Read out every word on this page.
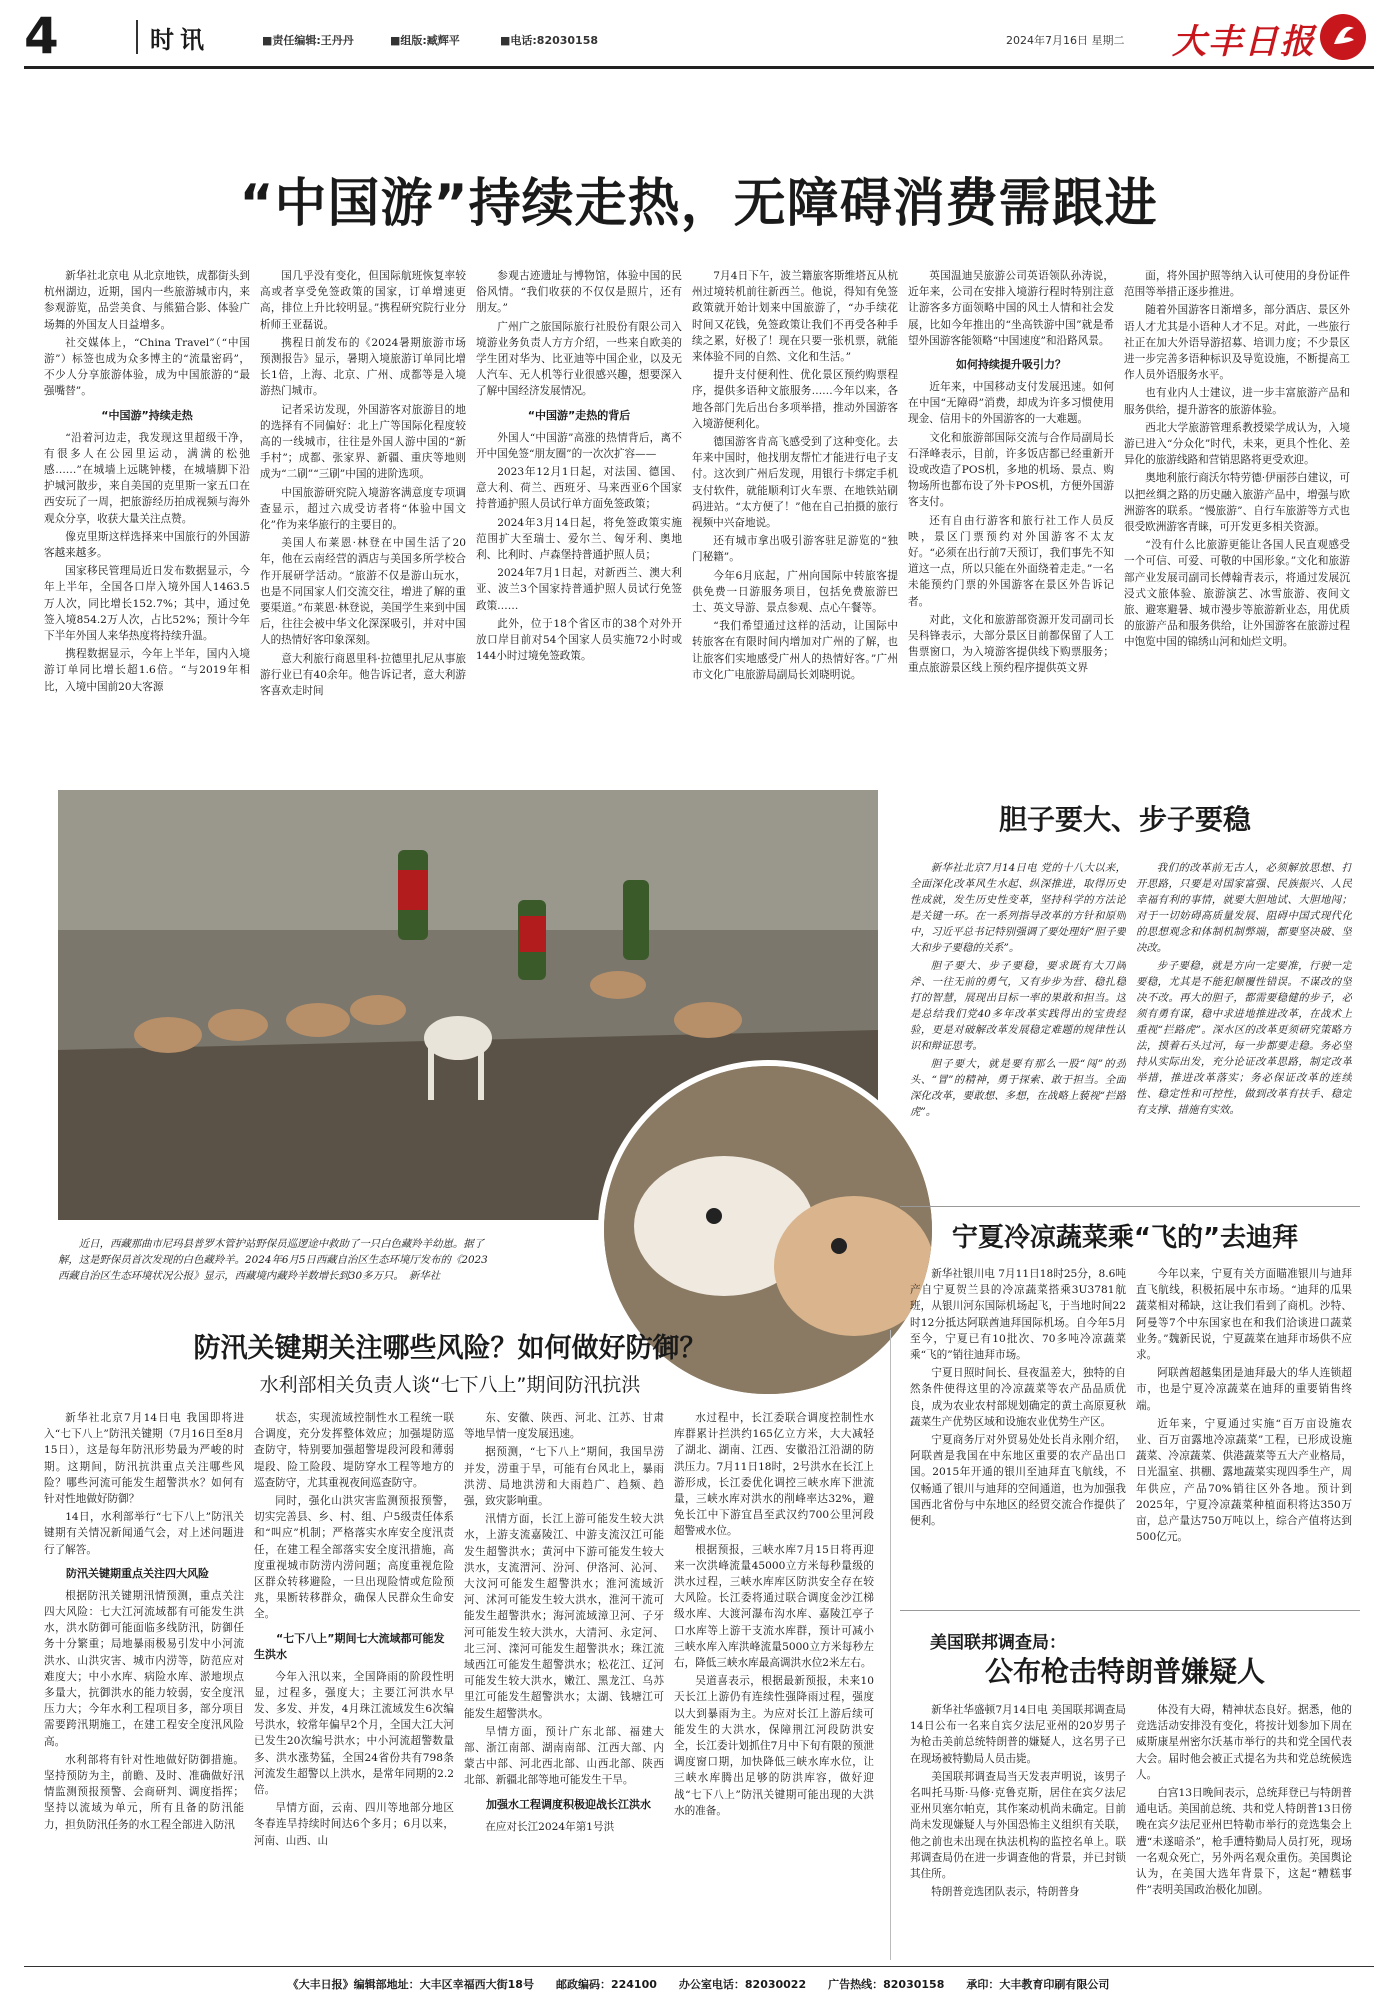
4	时讯	■责任编辑:王丹丹	■组版:臧辉平	■电话:82030158	2024年7月16日 星期二 大丰日报
“中国游”持续走热，无障碍消费需跟进

新华社北京电 从北京地铁，成都街头到杭州湖边，近期，国内一些旅游城市内，来参观游览，品尝美食、与熊猫合影、体验广场舞的外国友人日益增多。

社交媒体上，“China Travel”（“中国游”）标签也成为众多博主的“流量密码”，不少人分享旅游体验，成为中国旅游的“最强嘴替”。

“中国游”持续走热

“沿着河边走，我发现这里超级干净，有很多人在公园里运动，满满的松弛感……”在城墙上远眺钟楼，在城墙脚下沿护城河散步，来自美国的克里斯一家五口在西安玩了一周，把旅游经历拍成视频与海外观众分享，收获大量关注点赞。

像克里斯这样选择来中国旅行的外国游客越来越多。

国家移民管理局近日发布数据显示，今年上半年，全国各口岸入境外国人1463.5万人次，同比增长152.7%；其中，通过免签入境854.2万人次，占比52%；预计今年下半年外国人来华热度将持续升温。

携程数据显示，今年上半年，国内入境游订单同比增长超1.6倍。“与2019年相比，入境中国前20大客源

国几乎没有变化，但国际航班恢复率较高或者享受免签政策的国家，订单增速更高，排位上升比较明显。”携程研究院行业分析师王亚磊说。

携程日前发布的《2024暑期旅游市场预测报告》显示，暑期入境旅游订单同比增长1倍，上海、北京、广州、成都等是入境游热门城市。

记者采访发现，外国游客对旅游目的地的选择有不同偏好：北上广等国际化程度较高的一线城市，往往是外国人游中国的“新手村”；成都、张家界、新疆、重庆等地则成为“二刷”“三刷”中国的进阶选项。

中国旅游研究院入境游客满意度专项调查显示，超过六成受访者将“体验中国文化”作为来华旅行的主要目的。

美国人布莱恩·林登在中国生活了20年，他在云南经营的酒店与美国多所学校合作开展研学活动。“旅游不仅是游山玩水，也是不同国家人们交流交往，增进了解的重要渠道。”布莱恩·林登说，美国学生来到中国后，往往会被中华文化深深吸引，并对中国人的热情好客印象深刻。

意大利旅行商恩里科·拉德里扎尼从事旅游行业已有40余年。他告诉记者，意大利游客喜欢走时间

参观古迹遗址与博物馆，体验中国的民俗风情。“我们收获的不仅仅是照片，还有朋友。”

广州广之旅国际旅行社股份有限公司入境游业务负责人方方介绍，一些来自欧美的学生团对华为、比亚迪等中国企业，以及无人汽车、无人机等行业很感兴趣，想要深入了解中国经济发展情况。

“中国游”走热的背后

外国人“中国游”高涨的热情背后，离不开中国免签“朋友圈”的一次次扩容——

2023年12月1日起，对法国、德国、意大利、荷兰、西班牙、马来西亚6个国家持普通护照人员试行单方面免签政策；

2024年3月14日起，将免签政策实施范围扩大至瑞士、爱尔兰、匈牙利、奥地利、比利时、卢森堡持普通护照人员；

2024年7月1日起，对新西兰、澳大利亚、波兰3个国家持普通护照人员试行免签政策……

此外，位于18个省区市的38个对外开放口岸目前对54个国家人员实施72小时或144小时过境免签政策。

7月4日下午，波兰籍旅客斯维塔瓦从杭州过境转机前往新西兰。他说，得知有免签政策就开始计划来中国旅游了，“办手续花时间又花钱，免签政策让我们不再受各种手续之累，好极了！现在只要一张机票，就能来体验不同的自然、文化和生活。”

提升支付便利性、优化景区预约购票程序，提供多语种文旅服务……今年以来，各地各部门先后出台多项举措，推动外国游客入境游便利化。

德国游客肯高飞感受到了这种变化。去年来中国时，他找朋友帮忙才能进行电子支付。这次到广州后发现，用银行卡绑定手机支付软件，就能顺利订火车票、在地铁站刷码进站。“太方便了！”他在自己拍摄的旅行视频中兴奋地说。

还有城市拿出吸引游客驻足游览的“独门秘籍”。

今年6月底起，广州向国际中转旅客提供免费一日游服务项目，包括免费旅游巴士、英文导游、景点参观、点心午餐等。

“我们希望通过这样的活动，让国际中转旅客在有限时间内增加对广州的了解，也让旅客们实地感受广州人的热情好客。”广州市文化广电旅游局副局长刘晓明说。

英国温迪吴旅游公司英语领队孙涛说，近年来，公司在安排入境游行程时特别注意让游客多方面领略中国的风土人情和社会发展，比如今年推出的“坐高铁游中国”就是希望外国游客能领略“中国速度”和沿路风景。

如何持续提升吸引力？

近年来，中国移动支付发展迅速。如何在中国“无障碍”消费，却成为许多习惯使用现金、信用卡的外国游客的一大难题。

文化和旅游部国际交流与合作局副局长石泽峰表示，目前，许多饭店都已经重新开设或改造了POS机，多地的机场、景点、购物场所也都布设了外卡POS机，方便外国游客支付。

还有自由行游客和旅行社工作人员反映，景区门票预约对外国游客不太友好。“必须在出行前7天预订，我们事先不知道这一点，所以只能在外面绕着走走。”一名未能预约门票的外国游客在景区外告诉记者。

对此，文化和旅游部资源开发司副司长吴科锋表示，大部分景区目前都保留了人工售票窗口，为入境游客提供线下购票服务；重点旅游景区线上预约程序提供英文界

面，将外国护照等纳入认可使用的身份证件范围等举措正逐步推进。

随着外国游客日渐增多，部分酒店、景区外语人才尤其是小语种人才不足。对此，一些旅行社正在加大外语导游招募、培训力度；不少景区进一步完善多语种标识及导览设施，不断提高工作人员外语服务水平。

也有业内人士建议，进一步丰富旅游产品和服务供给，提升游客的旅游体验。

西北大学旅游管理系教授梁学成认为，入境游已进入“分众化”时代，未来，更具个性化、差异化的旅游线路和营销思路将更受欢迎。

奥地利旅行商沃尔特劳德·伊丽莎白建议，可以把丝绸之路的历史融入旅游产品中，增强与欧洲游客的联系。“慢旅游”、自行车旅游等方式也很受欧洲游客青睐，可开发更多相关资源。

“没有什么比旅游更能让各国人民直观感受一个可信、可爱、可敬的中国形象。”文化和旅游部产业发展司副司长傅翰青表示，将通过发展沉浸式文旅体验、旅游演艺、冰雪旅游、夜间文旅、避寒避暑、城市漫步等旅游新业态，用优质的旅游产品和服务供给，让外国游客在旅游过程中饱览中国的锦绣山河和灿烂文明。

近日，西藏那曲市尼玛县普罗木管护站野保员巡逻途中救助了一只白色藏羚羊幼崽。据了解，这是野保员首次发现的白色藏羚羊。2024年6月5日西藏自治区生态环境厅发布的《2023西藏自治区生态环境状况公报》显示，西藏境内藏羚羊数增长到30多万只。　新华社
胆子要大、步子要稳

新华社北京7月14日电 党的十八大以来，全面深化改革风生水起、纵深推进，取得历史性成就，发生历史性变革，坚持科学的方法论是关键一环。在一系列指导改革的方针和原则中，习近平总书记特别强调了要处理好“胆子要大和步子要稳的关系”。

胆子要大、步子要稳，要求既有大刀阔斧、一往无前的勇气，又有步步为营、稳扎稳打的智慧，展现出目标一率的果敢和担当。这是总结我们党40多年改革实践得出的宝贵经验，更是对破解改革发展稳定难题的规律性认识和辩证思考。

胆子要大，就是要有那么一股“闯”的劲头、“冒”的精神，勇于探索、敢于担当。全面深化改革，要敢想、多想，在战略上藐视“拦路虎”。

我们的改革前无古人，必须解放思想、打开思路，只要是对国家富强、民族振兴、人民幸福有利的事情，就要大胆地试、大胆地闯；对于一切妨碍高质量发展、阻碍中国式现代化的思想观念和体制机制弊端，都要坚决破、坚决改。

步子要稳，就是方向一定要准，行驶一定要稳，尤其是不能犯颠覆性错误。不谋改的坚决不改。再大的胆子，都需要稳健的步子，必须有勇有谋，稳中求进地推进改革，在战术上重视“拦路虎”。深水区的改革更须研究策略方法，摸着石头过河，每一步都要走稳。务必坚持从实际出发，充分论证改革思路，制定改革举措，推进改革落实；务必保证改革的连续性、稳定性和可控性，做到改革有扶手、稳定有支撑、措施有实效。

宁夏冷凉蔬菜乘“飞的”去迪拜

新华社银川电 7月11日18时25分，8.6吨产自宁夏贺兰县的冷凉蔬菜搭乘3U3781航班，从银川河东国际机场起飞，于当地时间22时12分抵达阿联酋迪拜国际机场。自今年5月至今，宁夏已有10批次、70多吨冷凉蔬菜乘“飞的”销往迪拜市场。

宁夏日照时间长、昼夜温差大，独特的自然条件使得这里的冷凉蔬菜等农产品品质优良，成为农业农村部规划确定的黄土高原夏秋蔬菜生产优势区域和设施农业优势生产区。

宁夏商务厅对外贸易处处长肖永刚介绍，阿联酋是我国在中东地区重要的农产品出口国。2015年开通的银川至迪拜直飞航线，不仅畅通了银川与迪拜的空间通道，也为加强我国西北省份与中东地区的经贸交流合作提供了便利。

今年以来，宁夏有关方面瞄准银川与迪拜直飞航线，积极拓展中东市场。“迪拜的瓜果蔬菜相对稀缺，这让我们看到了商机。沙特、阿曼等7个中东国家也在和我们洽谈进口蔬菜业务。”魏新民说，宁夏蔬菜在迪拜市场供不应求。

阿联酋超越集团是迪拜最大的华人连锁超市，也是宁夏冷凉蔬菜在迪拜的重要销售终端。

近年来，宁夏通过实施“百万亩设施农业、百万亩露地冷凉蔬菜”工程，已形成设施蔬菜、冷凉蔬菜、供港蔬菜等五大产业格局，日光温室、拱棚、露地蔬菜实现四季生产，周年供应，产品70%销往区外各地。预计到2025年，宁夏冷凉蔬菜种植面积将达350万亩，总产量达750万吨以上，综合产值将达到500亿元。

美国联邦调查局：
公布枪击特朗普嫌疑人

新华社华盛顿7月14日电 美国联邦调查局14日公布一名来自宾夕法尼亚州的20岁男子为枪击美前总统特朗普的嫌疑人，这名男子已在现场被特勤局人员击毙。

美国联邦调查局当天发表声明说，该男子名叫托马斯·马修·克鲁克斯，居住在宾夕法尼亚州贝塞尔帕克，其作案动机尚未确定。目前尚未发现嫌疑人与外国恐怖主义组织有关联，他之前也未出现在执法机构的监控名单上。联邦调查局仍在进一步调查他的背景，并已封锁其住所。

特朗普竞选团队表示，特朗普身

体没有大碍，精神状态良好。据悉，他的竞选活动安排没有变化，将按计划参加下周在威斯康星州密尔沃基市举行的共和党全国代表大会。届时他会被正式提名为共和党总统候选人。

白宫13日晚间表示，总统拜登已与特朗普通电话。美国前总统、共和党人特朗普13日傍晚在宾夕法尼亚州巴特勒市举行的竞选集会上遭“未遂暗杀”，枪手遭特勤局人员打死，现场一名观众死亡，另外两名观众重伤。美国舆论认为，在美国大选年背景下，这起“糟糕事件”表明美国政治极化加剧。

防汛关键期关注哪些风险？如何做好防御？
水利部相关负责人谈“七下八上”期间防汛抗洪

新华社北京7月14日电 我国即将进入“七下八上”防汛关键期（7月16日至8月15日），这是每年防汛形势最为严峻的时期。这期间，防汛抗洪重点关注哪些风险？哪些河流可能发生超警洪水？如何有针对性地做好防御？

14日，水利部举行“七下八上”防汛关键期有关情况新闻通气会，对上述问题进行了解答。

防汛关键期重点关注四大风险

根据防汛关键期汛情预测，重点关注四大风险：七大江河流域都有可能发生洪水，洪水防御可能面临多线防汛，防御任务十分繁重；局地暴雨极易引发中小河流洪水、山洪灾害、城市内涝等，防范应对难度大；中小水库、病险水库、淤地坝点多量大，抗御洪水的能力较弱，安全度汛压力大；今年水利工程项目多，部分项目需要跨汛期施工，在建工程安全度汛风险高。

水利部将有针对性地做好防御措施。坚持预防为主，前瞻、及时、准确做好汛情监测预报预警、会商研判、调度指挥；坚持以流域为单元，所有且备的防汛能力，担负防汛任务的水工程全部进入防汛

状态，实现流域控制性水工程统一联合调度，充分发挥整体效应；加强堤防巡查防守，特别要加强超警堤段河段和薄弱堤段、险工险段、堤防穿水工程等地方的巡查防守，尤其重视夜间巡查防守。

同时，强化山洪灾害监测预报预警，切实完善县、乡、村、组、户5级责任体系和“叫应”机制；严格落实水库安全度汛责任，在建工程全部落实安全度汛措施，高度重视城市防涝内涝问题；高度重视危险区群众转移避险，一旦出现险情或危险预兆，果断转移群众，确保人民群众生命安全。

“七下八上”期间七大流域都可能发生洪水

今年入汛以来，全国降雨的阶段性明显，过程多，强度大；主要江河洪水早发、多发、并发，4月珠江流域发生6次编号洪水，较常年偏早2个月，全国大江大河已发生20次编号洪水；中小河流超警数量多、洪水涨势猛，全国24省份共有798条河流发生超警以上洪水，是常年同期的2.2倍。

旱情方面，云南、四川等地部分地区冬春连旱持续时间达6个多月；6月以来，河南、山西、山

东、安徽、陕西、河北、江苏、甘肃等地旱情一度发展迅速。

据预测，“七下八上”期间，我国旱涝并发，涝重于旱，可能有台风北上，暴雨洪涝、局地洪涝和大雨趋广、趋频、趋强，致灾影响重。

汛情方面，长江上游可能发生较大洪水，上游支流嘉陵江、中游支流汉江可能发生超警洪水；黄河中下游可能发生较大洪水，支流渭河、汾河、伊洛河、沁河、大汶河可能发生超警洪水；淮河流域沂河、沭河可能发生较大洪水，淮河干流可能发生超警洪水；海河流域漳卫河、子牙河可能发生较大洪水，大清河、永定河、北三河、滦河可能发生超警洪水；珠江流域西江可能发生超警洪水；松花江、辽河可能发生较大洪水，嫩江、黑龙江、乌苏里江可能发生超警洪水；太湖、钱塘江可能发生超警洪水。

旱情方面，预计广东北部、福建大部、浙江南部、湖南南部、江西大部、内蒙古中部、河北西北部、山西北部、陕西北部、新疆北部等地可能发生干旱。

加强水工程调度积极迎战长江洪水

在应对长江2024年第1号洪

水过程中，长江委联合调度控制性水库群累计拦洪约165亿立方米，大大减轻了湖北、湖南、江西、安徽沿江沿湖的防洪压力。7月11日18时，2号洪水在长江上游形成，长江委优化调控三峡水库下泄流量，三峡水库对洪水的削峰率达32%，避免长江中下游宜昌至武汉约700公里河段超警戒水位。

根据预报，三峡水库7月15日将再迎来一次洪峰流量45000立方米每秒量级的洪水过程，三峡水库库区防洪安全存在较大风险。长江委将通过联合调度金沙江梯级水库、大渡河瀑布沟水库、嘉陵江亭子口水库等上游干支流水库群，预计可减小三峡水库入库洪峰流量5000立方米每秒左右，降低三峡水库最高调洪水位2米左右。

吴道喜表示，根据最新预报，未来10天长江上游仍有连续性强降雨过程，强度以大到暴雨为主。为应对长江上游后续可能发生的大洪水，保障荆江河段防洪安全，长江委计划抓住7月中下旬有限的预泄调度窗口期，加快降低三峡水库水位，让三峡水库腾出足够的防洪库容，做好迎战“七下八上”防汛关键期可能出现的大洪水的准备。

《大丰日报》编辑部地址：大丰区幸福西大街18号　　邮政编码：224100　　办公室电话：82030022　　广告热线：82030158　　承印：大丰教育印刷有限公司
